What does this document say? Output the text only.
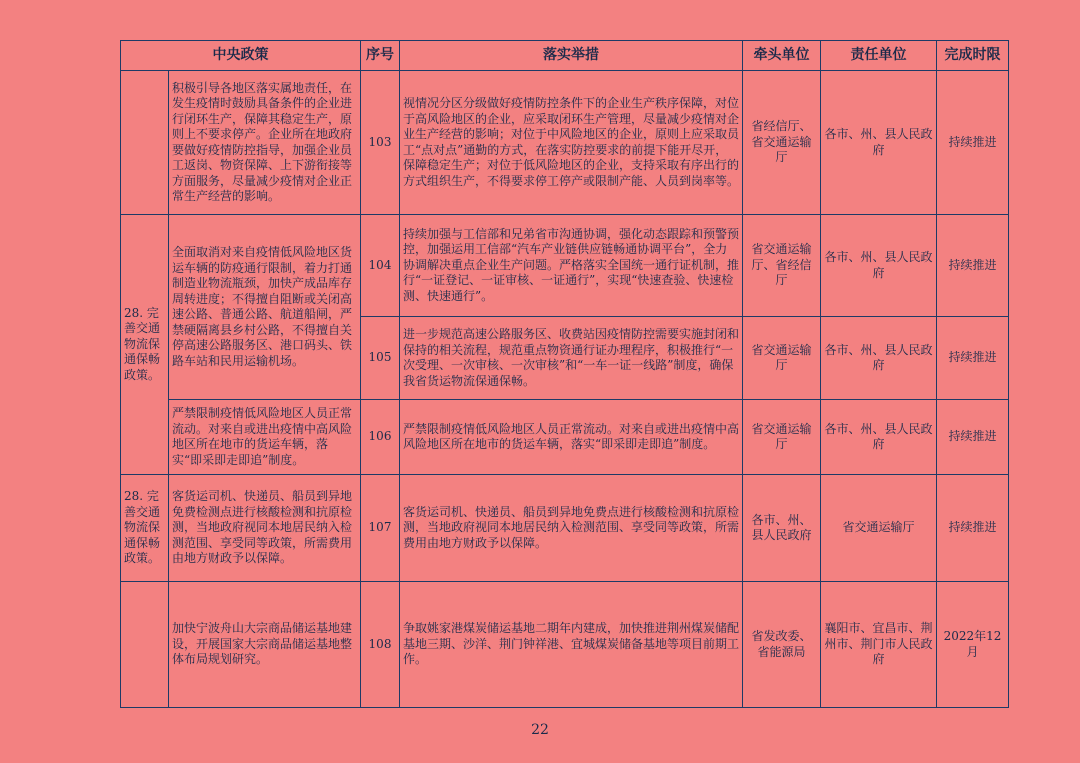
中央政策		序号	落实举措	牵头单位	责任单位	完成时限
	积极引导各地区落实属地责任，在发生疫情时鼓励具备条件的企业进行闭环生产，保障其稳定生产，原则上不要求停产。企业所在地政府要做好疫情防控指导，加强企业员工返岗、物资保障、上下游衔接等方面服务，尽量减少疫情对企业正常生产经营的影响。	103	视情况分区分级做好疫情防控条件下的企业生产秩序保障，对位于高风险地区的企业，应采取闭环生产管理，尽量减少疫情对企业生产经营的影响；对位于中风险地区的企业，原则上应采取员工“点对点”通勤的方式，在落实防控要求的前提下能开尽开，保障稳定生产；对位于低风险地区的企业，支持采取有序出行的方式组织生产，不得要求停工停产或限制产能、人员到岗率等。	省经信厅、省交通运输厅	各市、州、县人民政府	持续推进
28. 完善交通物流保通保畅政策。	全面取消对来自疫情低风险地区货运车辆的防疫通行限制，着力打通制造业物流瓶颈，加快产成品库存周转进度；不得擅自阻断或关闭高速公路、普通公路、航道船闸，严禁硬隔离县乡村公路，不得擅自关停高速公路服务区、港口码头、铁路车站和民用运输机场。	104	持续加强与工信部和兄弟省市沟通协调，强化动态跟踪和预警预控，加强运用工信部“汽车产业链供应链畅通协调平台”，全力协调解决重点企业生产问题。严格落实全国统一通行证机制，推行“一证登记、一证审核、一证通行”，实现“快速查验、快速检测、快速通行”。	省交通运输厅、省经信厅	各市、州、县人民政府	持续推进
		105	进一步规范高速公路服务区、收费站因疫情防控需要实施封闭和保持的相关流程，规范重点物资通行证办理程序，积极推行“一次受理、一次审核、一次审核”和“一车一证一线路”制度，确保我省货运物流保通保畅。	省交通运输厅	各市、州、县人民政府	持续推进
	严禁限制疫情低风险地区人员正常流动。对来自或进出疫情中高风险地区所在地市的货运车辆，落实“即采即走即追”制度。	106	严禁限制疫情低风险地区人员正常流动。对来自或进出疫情中高风险地区所在地市的货运车辆，落实“即采即走即追”制度。	省交通运输厅	各市、州、县人民政府	持续推进
28. 完善交通物流保通保畅政策。	客货运司机、快递员、船员到异地免费检测点进行核酸检测和抗原检测，当地政府视同本地居民纳入检测范围、享受同等政策，所需费用由地方财政予以保障。	107	客货运司机、快递员、船员到异地免费点进行核酸检测和抗原检测，当地政府视同本地居民纳入检测范围、享受同等政策，所需费用由地方财政予以保障。	各市、州、县人民政府	省交通运输厅	持续推进
	加快宁波舟山大宗商品储运基地建设，开展国家大宗商品储运基地整体布局规划研究。	108	争取姚家港煤炭储运基地二期年内建成，加快推进荆州煤炭储配基地三期、沙洋、荆门钟祥港、宜城煤炭储备基地等项目前期工作。	省发改委、省能源局	襄阳市、宜昌市、荆州市、荆门市人民政府	2022年12月
22
